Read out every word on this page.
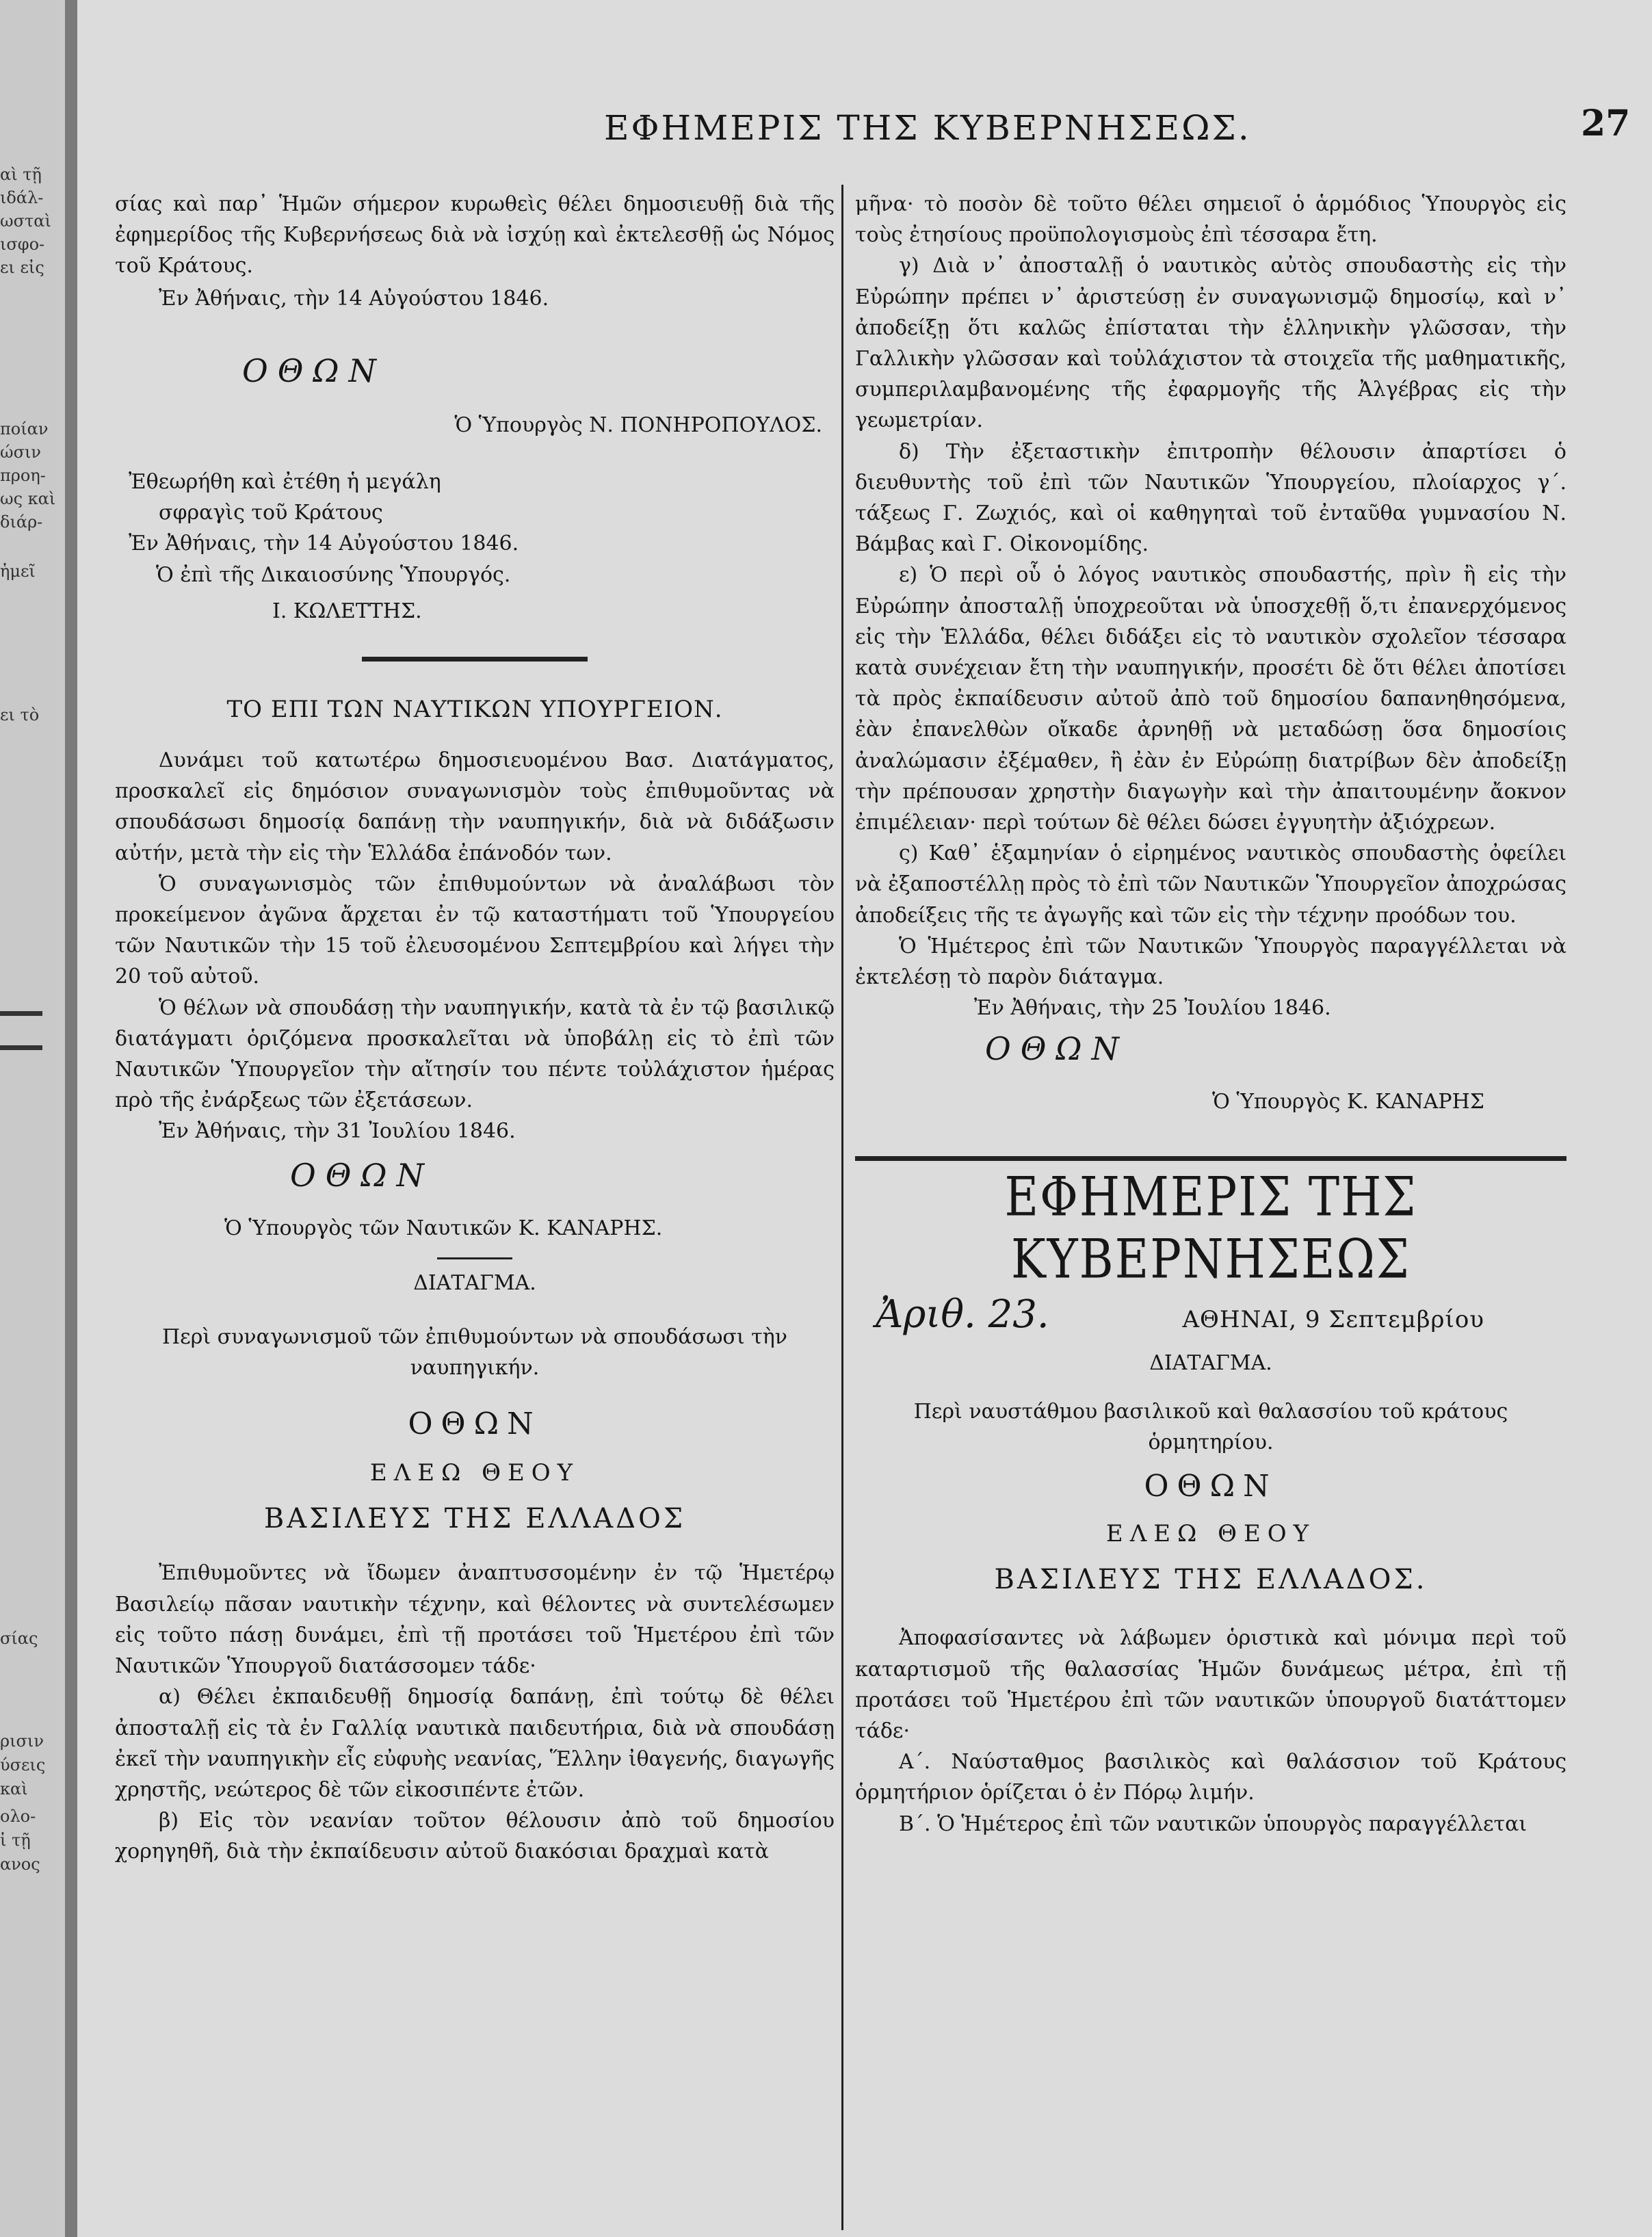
αὶ τῇ
ιδάλ-
ωσταὶ
ισφο-
ει εἰς
ποίαν
ώσιν
προη-
ως καὶ
διάρ-
ἡμεῖ
ει τὸ
σίας
ρισιν
ύσεις
καὶ
ολο-
ἱ τῇ
ανος
ΕΦΗΜΕΡΙΣ ΤΗΣ ΚΥΒΕΡΝΗΣΕΩΣ.	27

σίας καὶ παρ᾽ Ἡμῶν σήμερον κυρωθεὶς θέλει δημοσιευθῇ διὰ τῆς ἐφημερίδος τῆς Κυβερνήσεως διὰ νὰ ἰσχύῃ καὶ ἐκτελεσθῇ ὡς Νόμος τοῦ Κράτους.

Ἐν Ἀθήναις, τὴν 14 Αὐγούστου 1846.

ΟΘΩΝ
Ὁ Ὑπουργὸς Ν. ΠΟΝΗΡΟΠΟΥΛΟΣ.
Ἐθεωρήθη καὶ ἐτέθη ἡ μεγάλη
σφραγὶς τοῦ Κράτους
Ἐν Ἀθήναις, τὴν 14 Αὐγούστου 1846.
Ὁ ἐπὶ τῆς Δικαιοσύνης Ὑπουργός.
Ι. ΚΩΛΕΤΤΗΣ.
ΤΟ ΕΠΙ ΤΩΝ ΝΑΥΤΙΚΩΝ ΥΠΟΥΡΓΕΙΟΝ.

Δυνάμει τοῦ κατωτέρω δημοσιευομένου Βασ. Διατάγματος, προσκαλεῖ εἰς δημόσιον συναγωνισμὸν τοὺς ἐπιθυμοῦντας νὰ σπουδάσωσι δημοσίᾳ δαπάνῃ τὴν ναυπηγικήν, διὰ νὰ διδάξωσιν αὐτήν, μετὰ τὴν εἰς τὴν Ἑλλάδα ἐπάνοδόν των.

Ὁ συναγωνισμὸς τῶν ἐπιθυμούντων νὰ ἀναλάβωσι τὸν προκείμενον ἀγῶνα ἄρχεται ἐν τῷ καταστήματι τοῦ Ὑπουργείου τῶν Ναυτικῶν τὴν 15 τοῦ ἐλευσομένου Σεπτεμβρίου καὶ λήγει τὴν 20 τοῦ αὐτοῦ.

Ὁ θέλων νὰ σπουδάσῃ τὴν ναυπηγικήν, κατὰ τὰ ἐν τῷ βασιλικῷ διατάγματι ὁριζόμενα προσκαλεῖται νὰ ὑποβάλῃ εἰς τὸ ἐπὶ τῶν Ναυτικῶν Ὑπουργεῖον τὴν αἴτησίν του πέντε τοὐλάχιστον ἡμέρας πρὸ τῆς ἐνάρξεως τῶν ἐξετάσεων.

Ἐν Ἀθήναις, τὴν 31 Ἰουλίου 1846.

ΟΘΩΝ
Ὁ Ὑπουργὸς τῶν Ναυτικῶν Κ. ΚΑΝΑΡΗΣ.
ΔΙΑΤΑΓΜΑ.
Περὶ συναγωνισμοῦ τῶν ἐπιθυμούντων νὰ σπουδάσωσι τὴν ναυπηγικήν.
ΟΘΩΝ
ΕΛΕΩ ΘΕΟΥ
ΒΑΣΙΛΕΥΣ ΤΗΣ ΕΛΛΑΔΟΣ

Ἐπιθυμοῦντες νὰ ἴδωμεν ἀναπτυσσομένην ἐν τῷ Ἡμετέρῳ Βασιλείῳ πᾶσαν ναυτικὴν τέχνην, καὶ θέλοντες νὰ συντελέσωμεν εἰς τοῦτο πάσῃ δυνάμει, ἐπὶ τῇ προτάσει τοῦ Ἡμετέρου ἐπὶ τῶν Ναυτικῶν Ὑπουργοῦ διατάσσομεν τάδε·

α) Θέλει ἐκπαιδευθῇ δημοσίᾳ δαπάνῃ, ἐπὶ τούτῳ δὲ θέλει ἀποσταλῇ εἰς τὰ ἐν Γαλλίᾳ ναυτικὰ παιδευτήρια, διὰ νὰ σπουδάσῃ ἐκεῖ τὴν ναυπηγικὴν εἷς εὐφυὴς νεανίας, Ἕλλην ἰθαγενής, διαγωγῆς χρηστῆς, νεώτερος δὲ τῶν εἰκοσιπέντε ἐτῶν.

β) Εἰς τὸν νεανίαν τοῦτον θέλουσιν ἀπὸ τοῦ δημοσίου χορηγηθῆ, διὰ τὴν ἐκπαίδευσιν αὐτοῦ διακόσιαι δραχμαὶ κατὰ

μῆνα· τὸ ποσὸν δὲ τοῦτο θέλει σημειοῖ ὁ ἁρμόδιος Ὑπουργὸς εἰς τοὺς ἐτησίους προϋπολογισμοὺς ἐπὶ τέσσαρα ἔτη.

γ) Διὰ ν᾽ ἀποσταλῇ ὁ ναυτικὸς αὐτὸς σπουδαστὴς εἰς τὴν Εὐρώπην πρέπει ν᾽ ἀριστεύσῃ ἐν συναγωνισμῷ δημοσίῳ, καὶ ν᾽ ἀποδείξῃ ὅτι καλῶς ἐπίσταται τὴν ἑλληνικὴν γλῶσσαν, τὴν Γαλλικὴν γλῶσσαν καὶ τοὐλάχιστον τὰ στοιχεῖα τῆς μαθηματικῆς, συμπεριλαμβανομένης τῆς ἐφαρμογῆς τῆς Ἀλγέβρας εἰς τὴν γεωμετρίαν.

δ) Τὴν ἐξεταστικὴν ἐπιτροπὴν θέλουσιν ἀπαρτίσει ὁ διευθυντὴς τοῦ ἐπὶ τῶν Ναυτικῶν Ὑπουργείου, πλοίαρχος γ΄. τάξεως Γ. Ζωχιός, καὶ οἱ καθηγηταὶ τοῦ ἐνταῦθα γυμνασίου Ν. Βάμβας καὶ Γ. Οἰκονομίδης.

ε) Ὁ περὶ οὗ ὁ λόγος ναυτικὸς σπουδαστής, πρὶν ἢ εἰς τὴν Εὐρώπην ἀποσταλῇ ὑποχρεοῦται νὰ ὑποσχεθῇ ὅ,τι ἐπανερχόμενος εἰς τὴν Ἑλλάδα, θέλει διδάξει εἰς τὸ ναυτικὸν σχολεῖον τέσσαρα κατὰ συνέχειαν ἔτη τὴν ναυπηγικήν, προσέτι δὲ ὅτι θέλει ἀποτίσει τὰ πρὸς ἐκπαίδευσιν αὐτοῦ ἀπὸ τοῦ δημοσίου δαπανηθησόμενα, ἐὰν ἐπανελθὼν οἴκαδε ἀρνηθῇ νὰ μεταδώσῃ ὅσα δημοσίοις ἀναλώμασιν ἐξέμαθεν, ἢ ἐὰν ἐν Εὐρώπῃ διατρίβων δὲν ἀποδείξῃ τὴν πρέπουσαν χρηστὴν διαγωγὴν καὶ τὴν ἀπαιτουμένην ἄοκνον ἐπιμέλειαν· περὶ τούτων δὲ θέλει δώσει ἐγγυητὴν ἀξιόχρεων.

ς) Καθ᾽ ἑξαμηνίαν ὁ εἰρημένος ναυτικὸς σπουδαστὴς ὀφείλει νὰ ἐξαποστέλλῃ πρὸς τὸ ἐπὶ τῶν Ναυτικῶν Ὑπουργεῖον ἀποχρώσας ἀποδείξεις τῆς τε ἀγωγῆς καὶ τῶν εἰς τὴν τέχνην προόδων του.

Ὁ Ἡμέτερος ἐπὶ τῶν Ναυτικῶν Ὑπουργὸς παραγγέλλεται νὰ ἐκτελέσῃ τὸ παρὸν διάταγμα.

Ἐν Ἀθήναις, τὴν 25 Ἰουλίου 1846.

ΟΘΩΝ
Ὁ Ὑπουργὸς Κ. ΚΑΝΑΡΗΣ
ΕΦΗΜΕΡΙΣ ΤΗΣ ΚΥΒΕΡΝΗΣΕΩΣ
Ἀριθ. 23.	ΑΘΗΝΑΙ, 9 Σεπτεμβρίου
ΔΙΑΤΑΓΜΑ.
Περὶ ναυστάθμου βασιλικοῦ καὶ θαλασσίου τοῦ κράτους ὁρμητηρίου.
ΟΘΩΝ
ΕΛΕΩ ΘΕΟΥ
ΒΑΣΙΛΕΥΣ ΤΗΣ ΕΛΛΑΔΟΣ.

Ἀποφασίσαντες νὰ λάβωμεν ὁριστικὰ καὶ μόνιμα περὶ τοῦ καταρτισμοῦ τῆς θαλασσίας Ἡμῶν δυνάμεως μέτρα, ἐπὶ τῇ προτάσει τοῦ Ἡμετέρου ἐπὶ τῶν ναυτικῶν ὑπουργοῦ διατάττομεν τάδε·

Α΄. Ναύσταθμος βασιλικὸς καὶ θαλάσσιον τοῦ Κράτους ὁρμητήριον ὁρίζεται ὁ ἐν Πόρῳ λιμήν.

Β΄. Ὁ Ἡμέτερος ἐπὶ τῶν ναυτικῶν ὑπουργὸς παραγγέλλεται
